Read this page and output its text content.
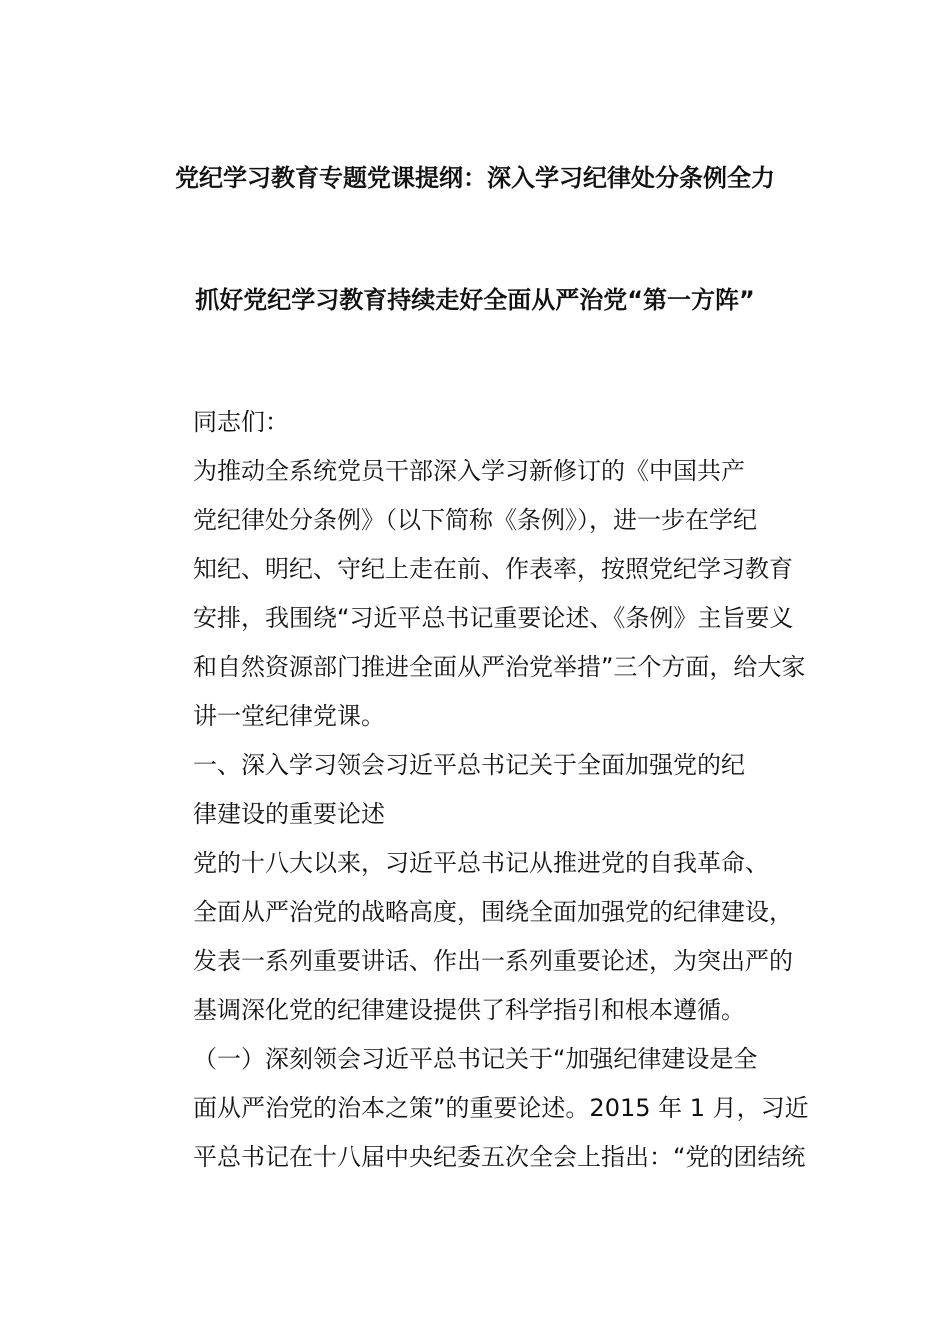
党纪学习教育专题党课提纲：深入学习纪律处分条例全力
抓好党纪学习教育持续走好全面从严治党“第一方阵”

同志们：

为推动全系统党员干部深入学习新修订的《中国共产
党纪律处分条例》（以下简称《条例》），进一步在学纪
知纪、明纪、守纪上走在前、作表率，按照党纪学习教育
安排，我围绕“习近平总书记重要论述、《条例》主旨要义
和自然资源部门推进全面从严治党举措”三个方面，给大家
讲一堂纪律党课。

一、深入学习领会习近平总书记关于全面加强党的纪
律建设的重要论述

党的十八大以来，习近平总书记从推进党的自我革命、
全面从严治党的战略高度，围绕全面加强党的纪律建设，
发表一系列重要讲话、作出一系列重要论述，为突出严的
基调深化党的纪律建设提供了科学指引和根本遵循。

（一）深刻领会习近平总书记关于“加强纪律建设是全
面从严治党的治本之策”的重要论述。2015 年 1 月，习近
平总书记在十八届中央纪委五次全会上指出：“党的团结统
